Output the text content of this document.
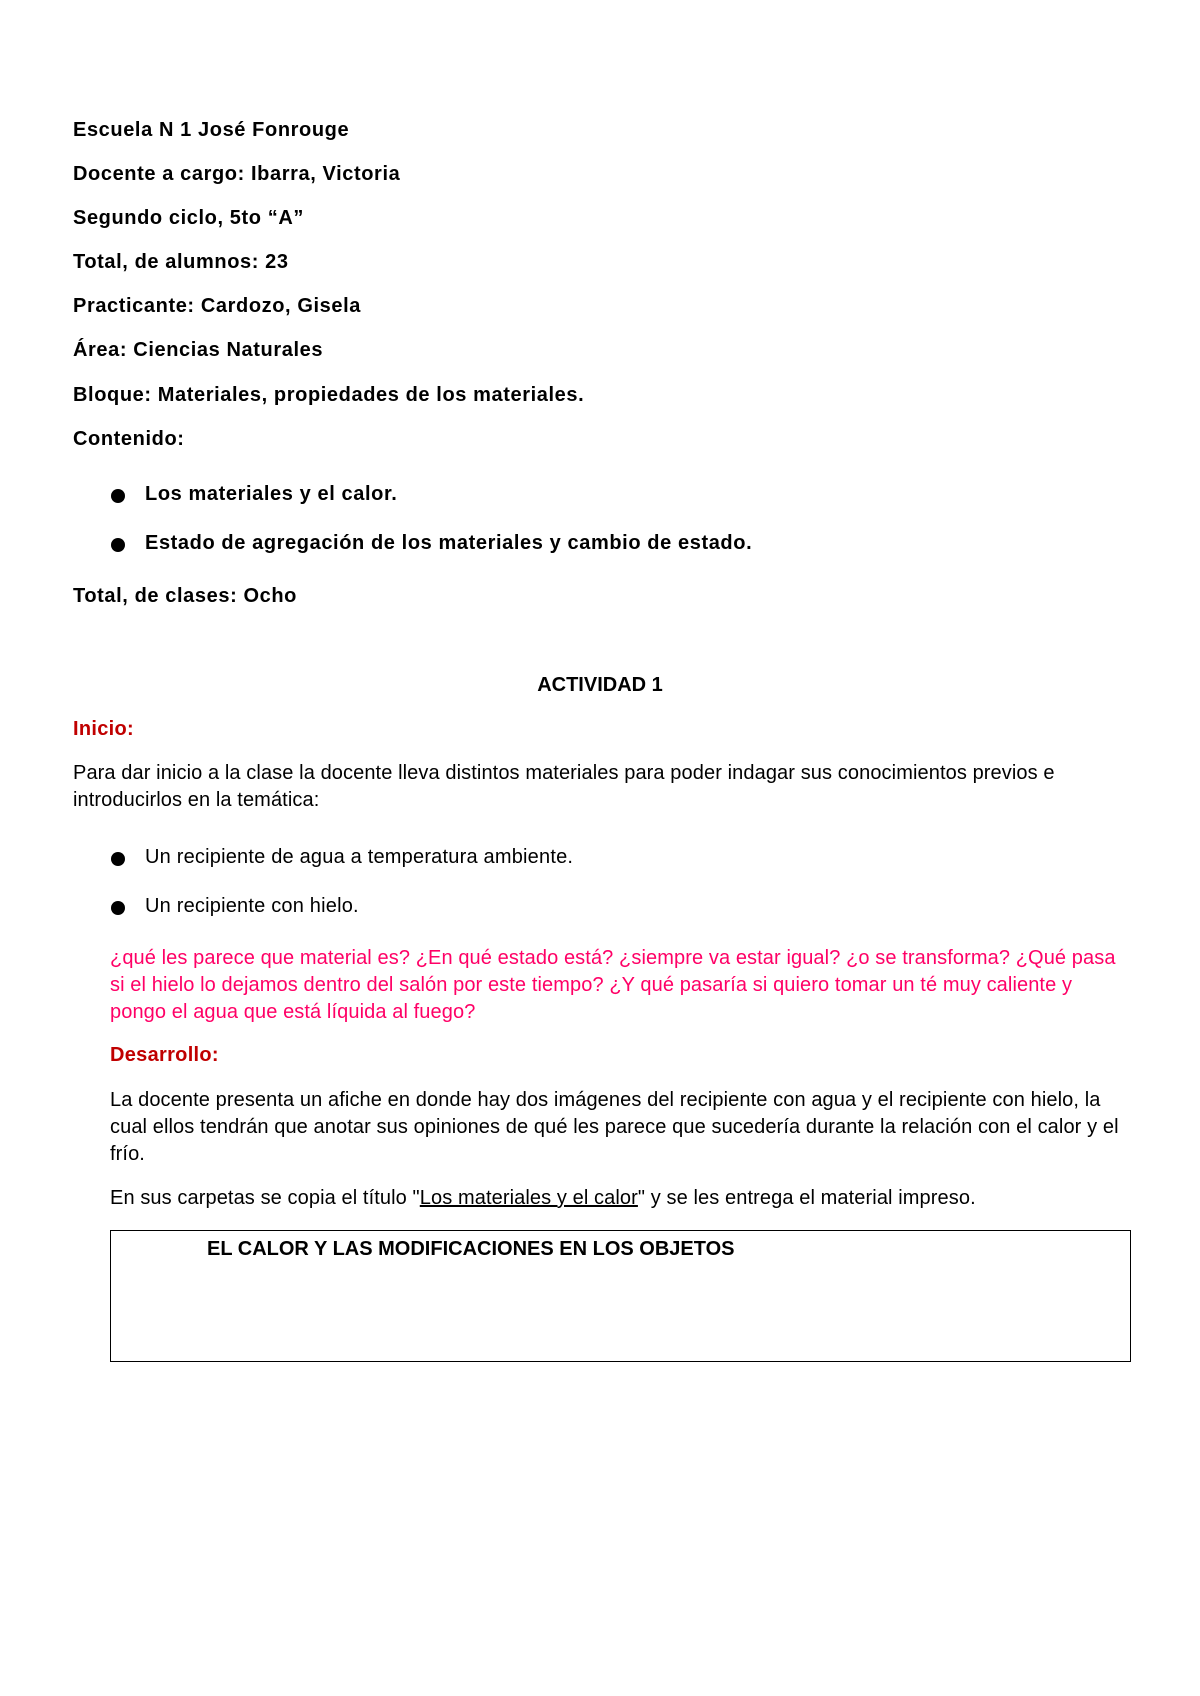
Escuela N 1 José Fonrouge
Docente a cargo: Ibarra, Victoria
Segundo ciclo, 5to “A”
Total, de alumnos: 23
Practicante: Cardozo, Gisela
Área: Ciencias Naturales
Bloque: Materiales, propiedades de los materiales.
Contenido:
Los materiales y el calor.
Estado de agregación de los materiales y cambio de estado.
Total, de clases: Ocho
ACTIVIDAD 1
Inicio:
Para dar inicio a la clase la docente lleva distintos materiales para poder indagar sus conocimientos previos e introducirlos en la temática:
Un recipiente de agua a temperatura ambiente.
Un recipiente con hielo.
¿qué les parece que material es? ¿En qué estado está? ¿siempre va estar igual? ¿o se transforma? ¿Qué pasa si el hielo lo dejamos dentro del salón por este tiempo? ¿Y qué pasaría si quiero tomar un té muy caliente y pongo el agua que está líquida al fuego?
Desarrollo:
La docente presenta un afiche en donde hay dos imágenes del recipiente con agua y el recipiente con hielo, la cual ellos tendrán que anotar sus opiniones de qué les parece que sucedería durante la relación con el calor y el frío.
En sus carpetas se copia el título "Los materiales y el calor" y se les entrega el material impreso.
EL CALOR Y LAS MODIFICACIONES EN LOS OBJETOS
